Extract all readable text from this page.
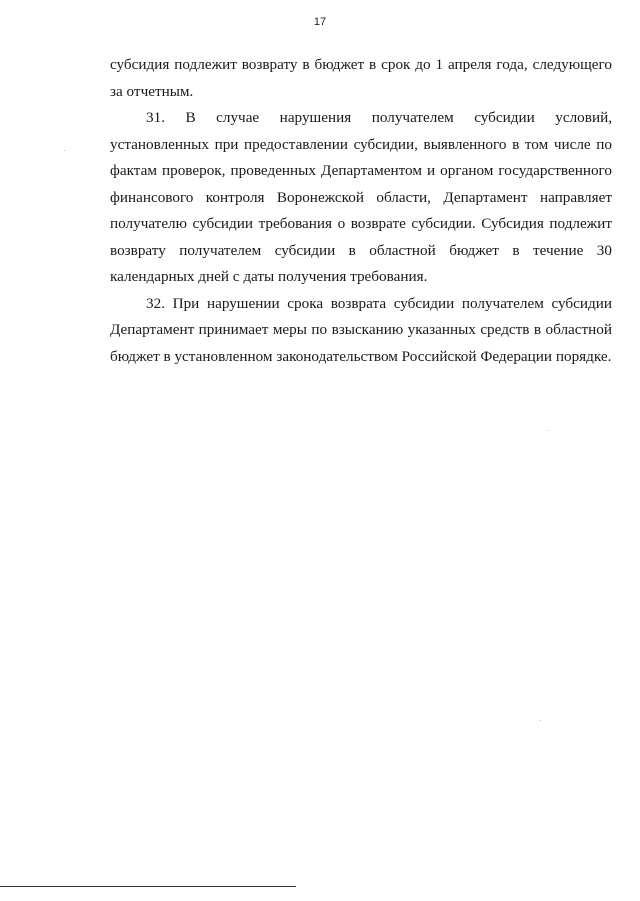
17

субсидия подлежит возврату в бюджет в срок до 1 апреля года, следующего за отчетным.

31. В случае нарушения получателем субсидии условий, установленных при предоставлении субсидии, выявленного в том числе по фактам проверок, проведенных Департаментом и органом государственного финансового контроля Воронежской области, Департамент направляет получателю субсидии требования о возврате субсидии. Субсидия подлежит возврату получателем субсидии в областной бюджет в течение 30 календарных дней с даты получения требования.

32. При нарушении срока возврата субсидии получателем субсидии Департамент принимает меры по взысканию указанных средств в областной бюджет в установленном законодательством Российской Федерации порядке.
